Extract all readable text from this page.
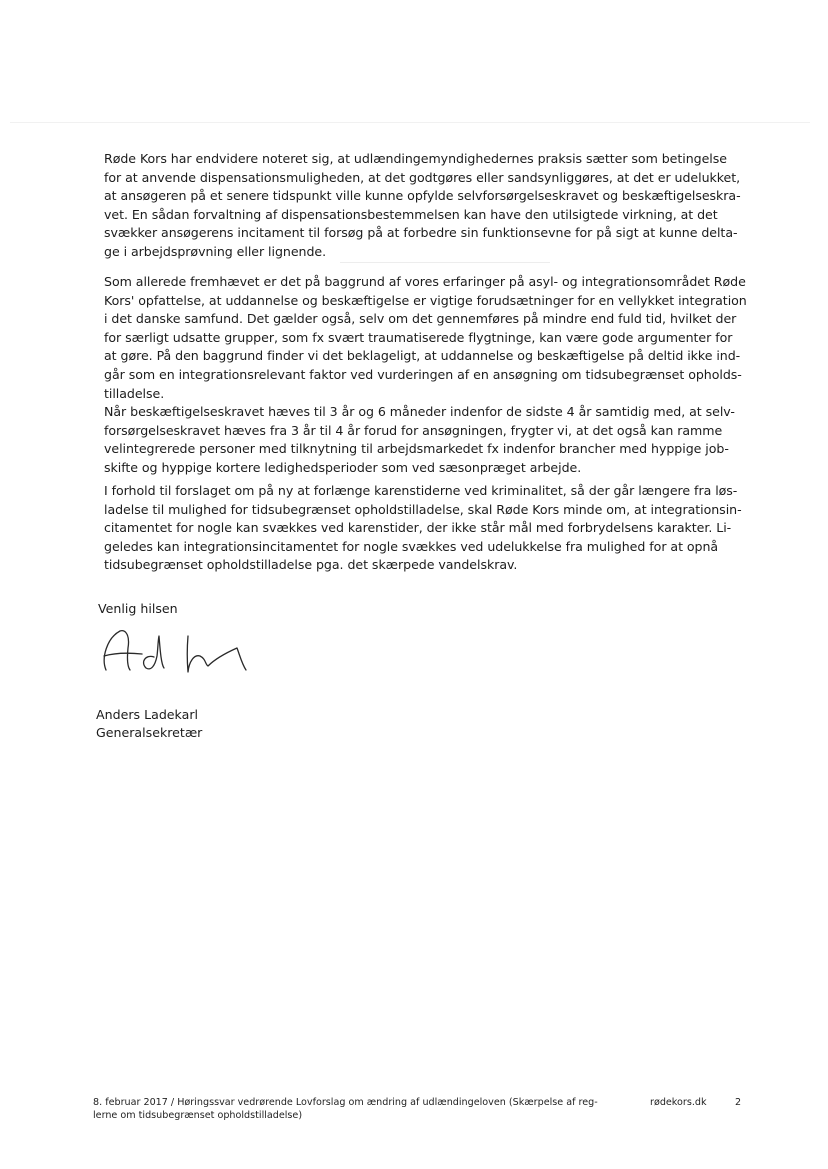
Røde Kors har endvidere noteret sig, at udlændingemyndighedernes praksis sætter som betingelse
for at anvende dispensationsmuligheden, at det godtgøres eller sandsynliggøres, at det er udelukket,
at ansøgeren på et senere tidspunkt ville kunne opfylde selvforsørgelseskravet og beskæftigelseskra-
vet. En sådan forvaltning af dispensationsbestemmelsen kan have den utilsigtede virkning, at det
svækker ansøgerens incitament til forsøg på at forbedre sin funktionsevne for på sigt at kunne delta-
ge i arbejdsprøvning eller lignende.
Som allerede fremhævet er det på baggrund af vores erfaringer på asyl- og integrationsområdet Røde
Kors' opfattelse, at uddannelse og beskæftigelse er vigtige forudsætninger for en vellykket integration
i det danske samfund. Det gælder også, selv om det gennemføres på mindre end fuld tid, hvilket der
for særligt udsatte grupper, som fx svært traumatiserede flygtninge, kan være gode argumenter for
at gøre. På den baggrund finder vi det beklageligt, at uddannelse og beskæftigelse på deltid ikke ind-
går som en integrationsrelevant faktor ved vurderingen af en ansøgning om tidsubegrænset opholds-
tilladelse.
Når beskæftigelseskravet hæves til 3 år og 6 måneder indenfor de sidste 4 år samtidig med, at selv-
forsørgelseskravet hæves fra 3 år til 4 år forud for ansøgningen, frygter vi, at det også kan ramme
velintegrerede personer med tilknytning til arbejdsmarkedet fx indenfor brancher med hyppige job-
skifte og hyppige kortere ledighedsperioder som ved sæsonpræget arbejde.
I forhold til forslaget om på ny at forlænge karenstiderne ved kriminalitet, så der går længere fra løs-
ladelse til mulighed for tidsubegrænset opholdstilladelse, skal Røde Kors minde om, at integrationsin-
citamentet for nogle kan svækkes ved karenstider, der ikke står mål med forbrydelsens karakter. Li-
geledes kan integrationsincitamentet for nogle svækkes ved udelukkelse fra mulighed for at opnå
tidsubegrænset opholdstilladelse pga. det skærpede vandelskrav.

Venlig hilsen

Anders Ladekarl

Generalsekretær

8. februar 2017 / Høringssvar vedrørende Lovforslag om ændring af udlændingeloven (Skærpelse af reg-
lerne om tidsubegrænset opholdstilladelse)
rødekors.dk	2
